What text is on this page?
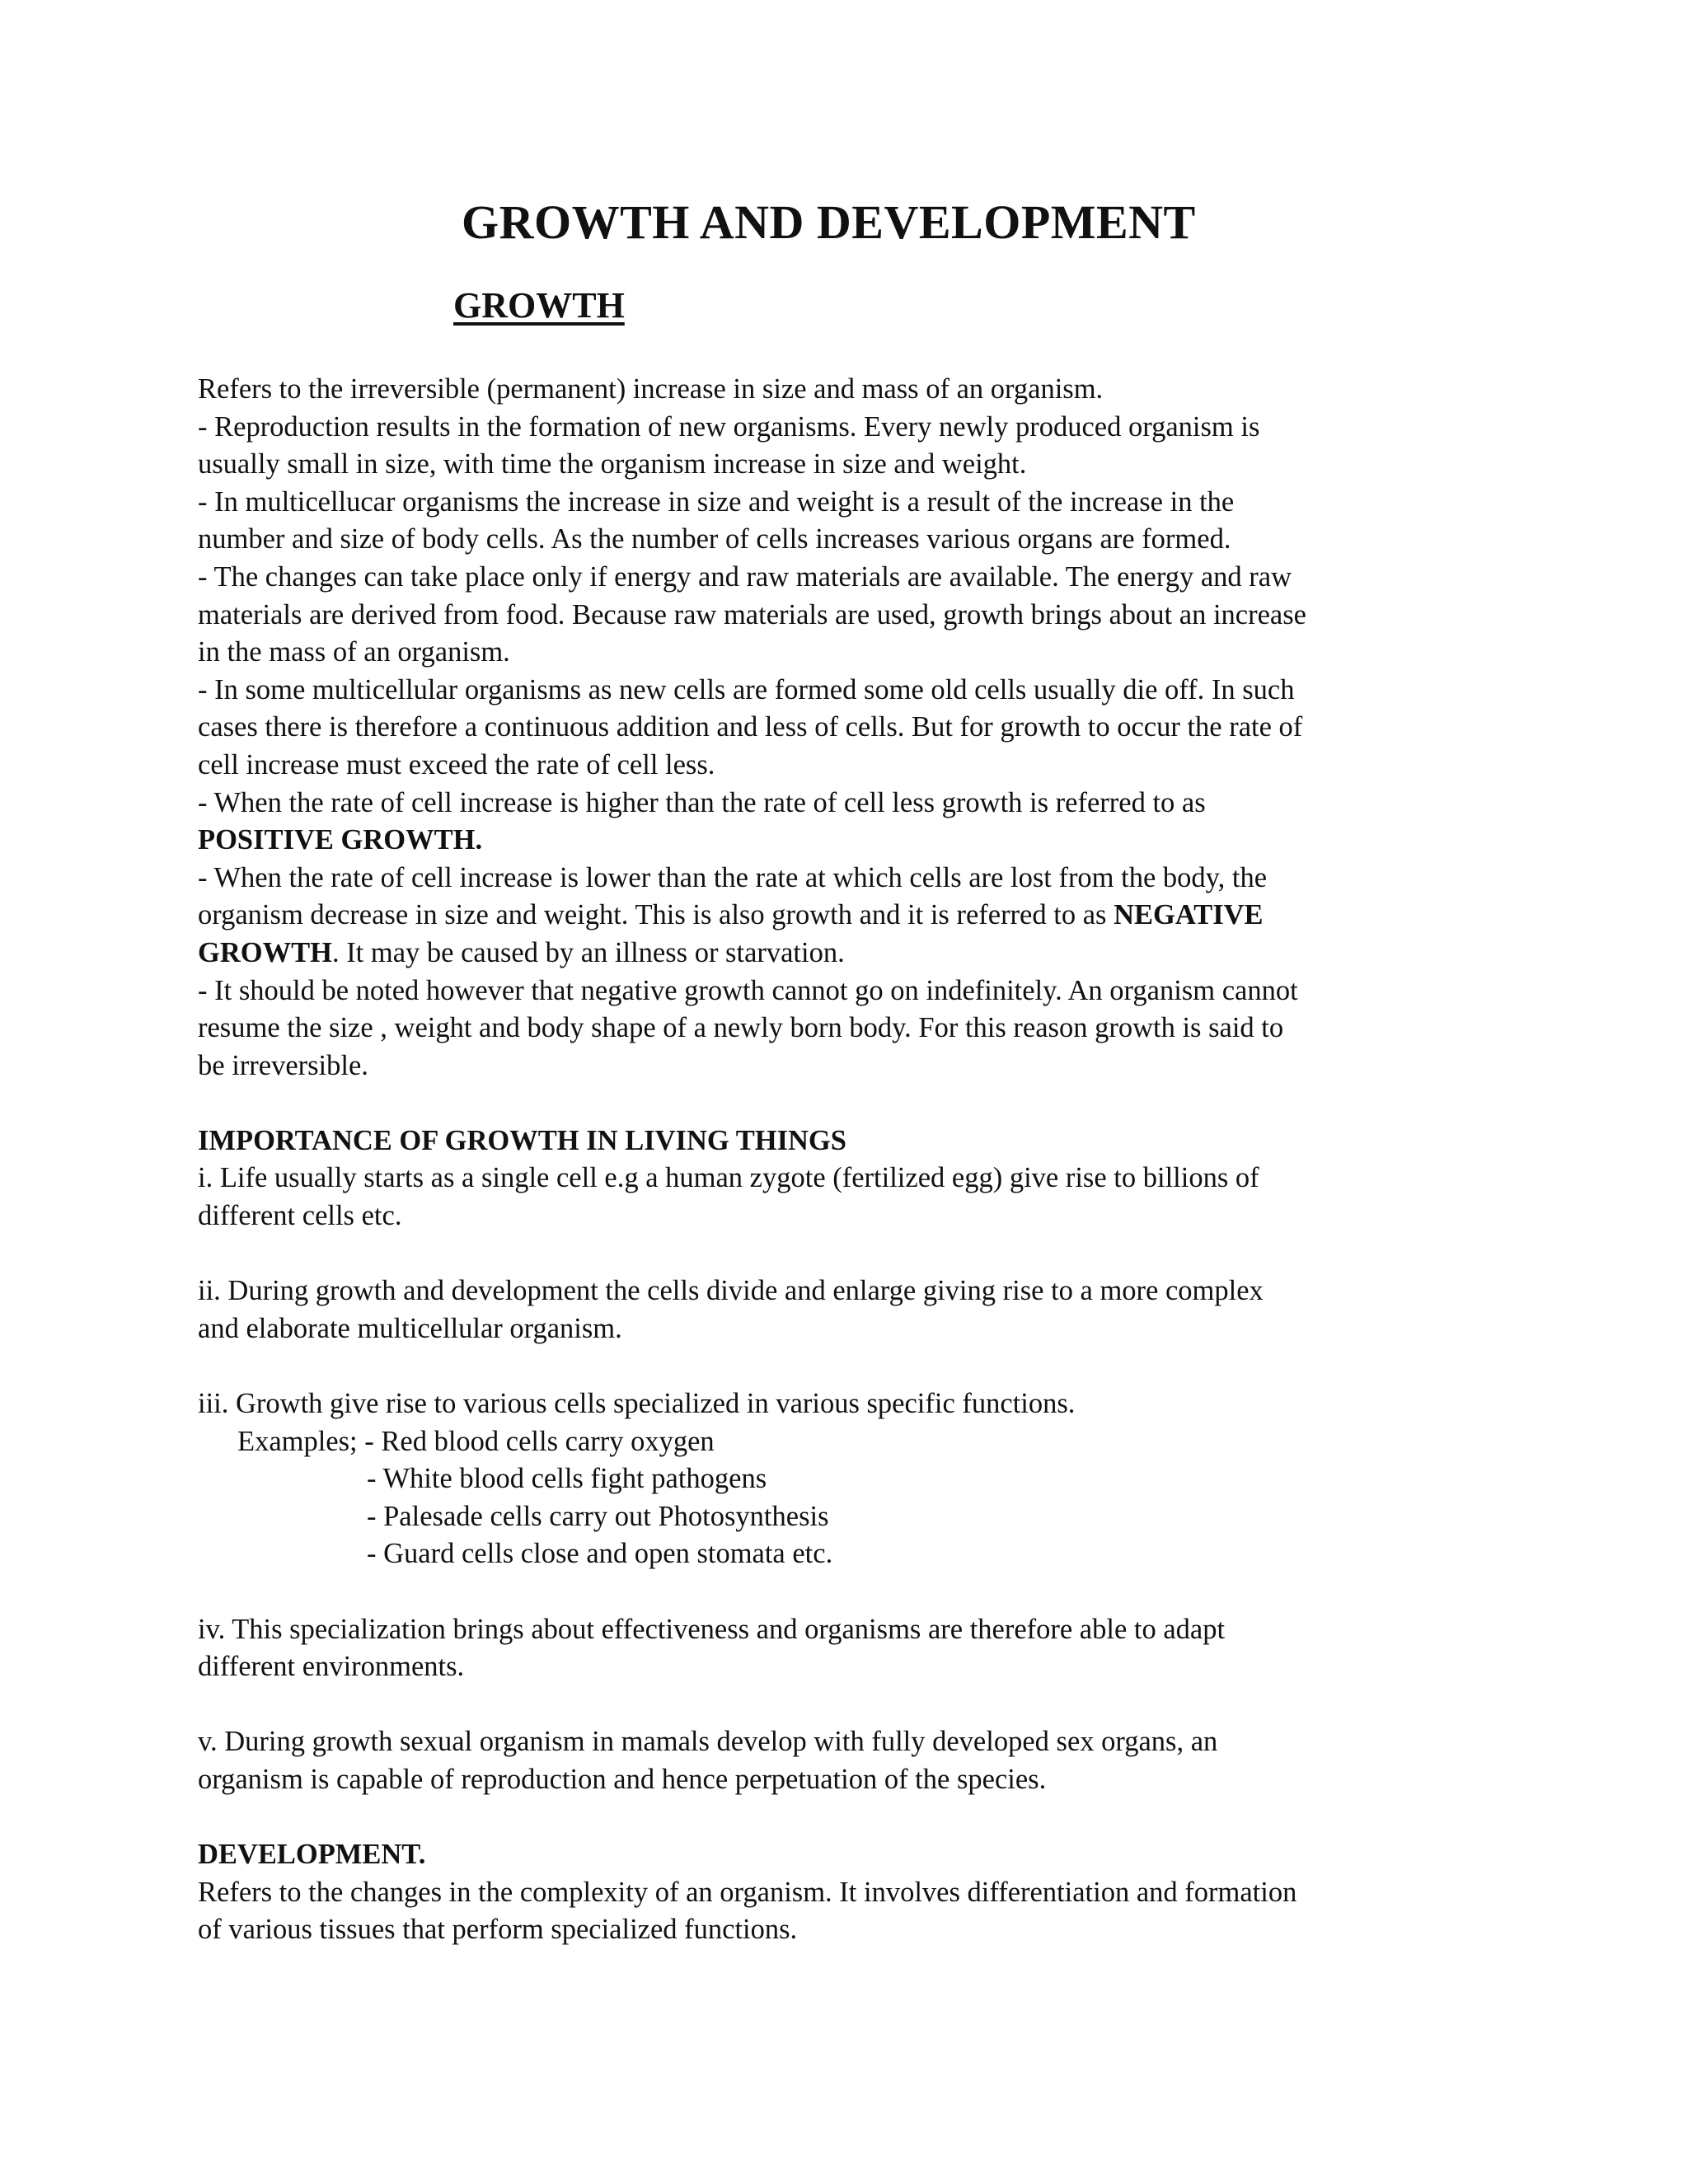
GROWTH AND DEVELOPMENT
GROWTH
Refers to the irreversible (permanent) increase in size and mass of an organism.
- Reproduction results in the formation of new organisms. Every newly produced organism is
usually small in size, with time the organism increase in size and weight.
- In multicellucar organisms the increase in size and weight is a result of the increase in the
number and size of body cells. As the number of cells increases various organs are formed.
- The changes can take place only if energy and raw materials are available. The energy and raw
materials are derived from food. Because raw materials are used, growth brings about an increase
in the mass of an organism.
- In some multicellular organisms as new cells are formed some old cells usually die off. In such
cases there is therefore a continuous addition and less of cells. But for growth to occur the rate of
cell increase must exceed the rate of cell less.
- When the rate of cell increase is higher than the rate of cell less growth is referred to as
POSITIVE GROWTH.
- When the rate of cell increase is lower than the rate at which cells are lost from the body, the
organism decrease in size and weight. This is also growth and it is referred to as NEGATIVE
GROWTH. It may be caused by an illness or starvation.
- It should be noted however that negative growth cannot go on indefinitely. An organism cannot
resume the size , weight and body shape of a newly born body. For this reason growth is said to
be irreversible.
IMPORTANCE OF GROWTH IN LIVING THINGS
i. Life usually starts as a single cell e.g a human zygote (fertilized egg) give rise to billions of
different cells etc.
ii. During growth and development the cells divide and enlarge giving rise to a more complex
and elaborate multicellular organism.
iii. Growth give rise to various cells specialized in various specific functions.
Examples; - Red blood cells carry oxygen
- White blood cells fight pathogens
- Palesade cells carry out Photosynthesis
- Guard cells close and open stomata etc.
iv. This specialization brings about effectiveness and organisms are therefore able to adapt
different environments.
v. During growth sexual organism in mamals develop with fully developed sex organs, an
organism is capable of reproduction and hence perpetuation of the species.
DEVELOPMENT.
Refers to the changes in the complexity of an organism. It involves differentiation and formation
of various tissues that perform specialized functions.
